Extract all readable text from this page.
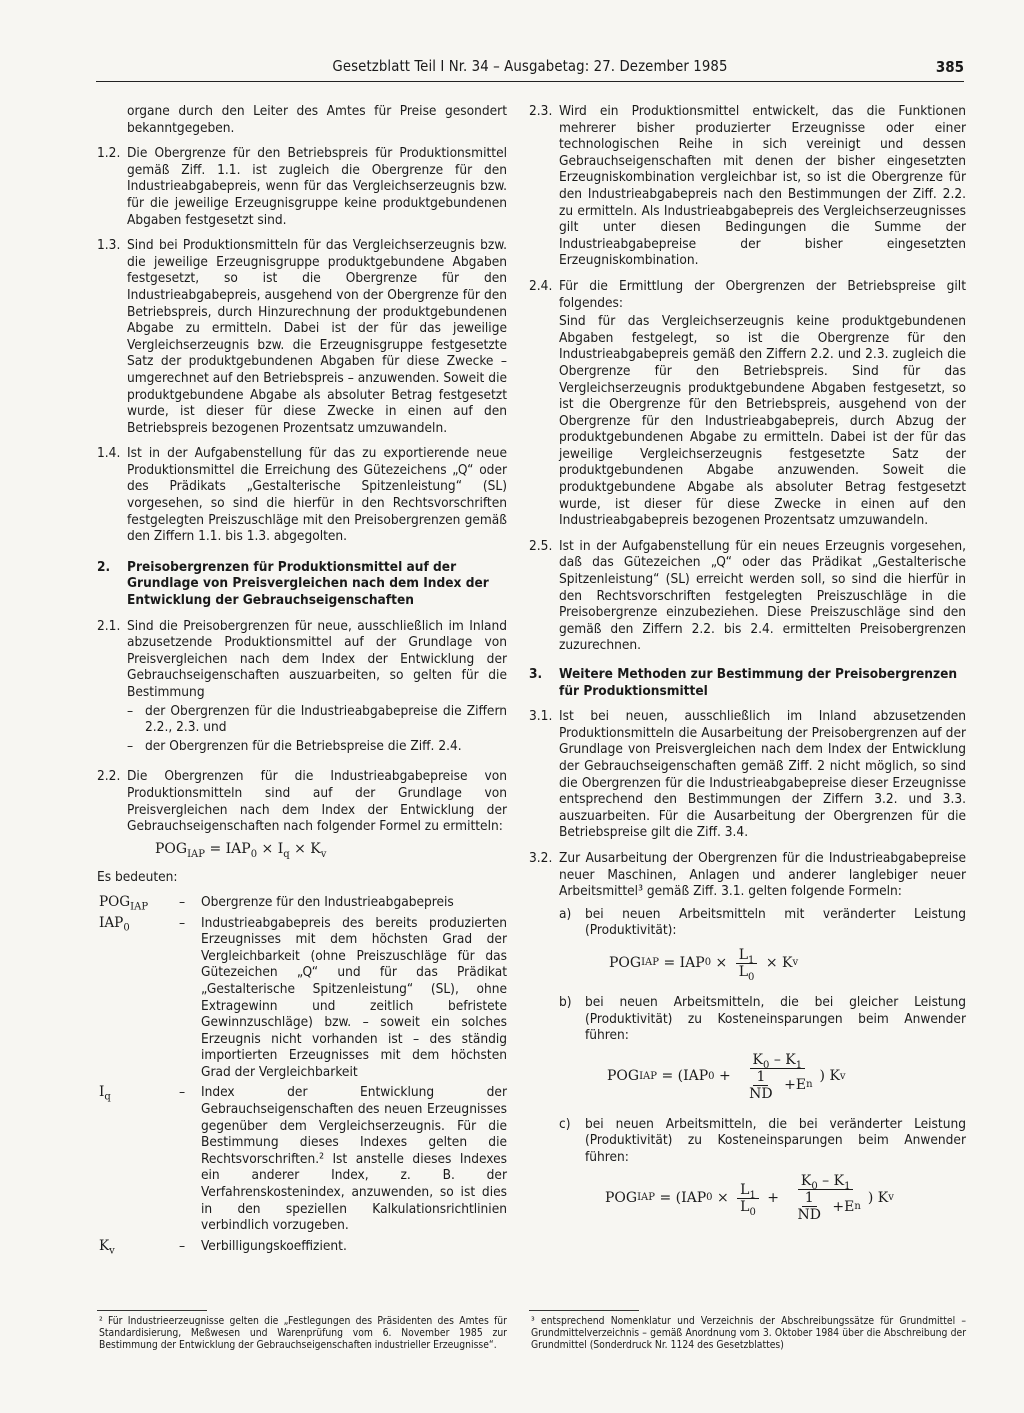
Gesetzblatt Teil I Nr. 34 – Ausgabetag: 27. Dezember 1985	385
organe durch den Leiter des Amtes für Preise gesondert bekanntgegeben.
1.2. Die Obergrenze für den Betriebspreis für Produktionsmittel gemäß Ziff. 1.1. ist zugleich die Obergrenze für den Industrieabgabepreis, wenn für das Vergleichserzeugnis bzw. für die jeweilige Erzeugnisgruppe keine produktgebundenen Abgaben festgesetzt sind.
1.3. Sind bei Produktionsmitteln für das Vergleichserzeugnis bzw. die jeweilige Erzeugnisgruppe produktgebundene Abgaben festgesetzt, so ist die Obergrenze für den Industrieabgabepreis, ausgehend von der Obergrenze für den Betriebspreis, durch Hinzurechnung der produktgebundenen Abgabe zu ermitteln. Dabei ist der für das jeweilige Vergleichserzeugnis bzw. die Erzeugnisgruppe festgesetzte Satz der produktgebundenen Abgaben für diese Zwecke – umgerechnet auf den Betriebspreis – anzuwenden. Soweit die produktgebundene Abgabe als absoluter Betrag festgesetzt wurde, ist dieser für diese Zwecke in einen auf den Betriebspreis bezogenen Prozentsatz umzuwandeln.
1.4. Ist in der Aufgabenstellung für das zu exportierende neue Produktionsmittel die Erreichung des Gütezeichens „Q“ oder des Prädikats „Gestalterische Spitzenleistung“ (SL) vorgesehen, so sind die hierfür in den Rechtsvorschriften festgelegten Preiszuschläge mit den Preisobergrenzen gemäß den Ziffern 1.1. bis 1.3. abgegolten.
2. Preisobergrenzen für Produktionsmittel auf der Grundlage von Preisvergleichen nach dem Index der Entwicklung der Gebrauchseigenschaften
2.1. Sind die Preisobergrenzen für neue, ausschließlich im Inland abzusetzende Produktionsmittel auf der Grundlage von Preisvergleichen nach dem Index der Entwicklung der Gebrauchseigenschaften auszuarbeiten, so gelten für die Bestimmung
– der Obergrenzen für die Industrieabgabepreise die Ziffern 2.2., 2.3. und
– der Obergrenzen für die Betriebspreise die Ziff. 2.4.
2.2. Die Obergrenzen für die Industrieabgabepreise von Produktionsmitteln sind auf der Grundlage von Preisvergleichen nach dem Index der Entwicklung der Gebrauchseigenschaften nach folgender Formel zu ermitteln:
$POG_{IAP} = IAP_0 \times I_q \times K_v$
Es bedeuten:
$POG_{IAP}$	–	Obergrenze für den Industrieabgabepreis
$IAP_0$	–	Industrieabgabepreis des bereits produzierten Erzeugnisses mit dem höchsten Grad der Vergleichbarkeit (ohne Preiszuschläge für das Gütezeichen „Q“ und für das Prädikat „Gestalterische Spitzenleistung“ (SL), ohne Extragewinn und zeitlich befristete Gewinnzuschläge) bzw. – soweit ein solches Erzeugnis nicht vorhanden ist – des ständig importierten Erzeugnisses mit dem höchsten Grad der Vergleichbarkeit
$I_q$	–	Index der Entwicklung der Gebrauchseigenschaften des neuen Erzeugnisses gegenüber dem Vergleichserzeugnis. Für die Bestimmung dieses Indexes gelten die Rechtsvorschriften.² Ist anstelle dieses Indexes ein anderer Index, z. B. der Verfahrenskostenindex, anzuwenden, so ist dies in den speziellen Kalkulationsrichtlinien verbindlich vorzugeben.
$K_v$	–	Verbilligungskoeffizient.
2.3. Wird ein Produktionsmittel entwickelt, das die Funktionen mehrerer bisher produzierter Erzeugnisse oder einer technologischen Reihe in sich vereinigt und dessen Gebrauchseigenschaften mit denen der bisher eingesetzten Erzeugniskombination vergleichbar ist, so ist die Obergrenze für den Industrieabgabepreis nach den Bestimmungen der Ziff. 2.2. zu ermitteln. Als Industrieabgabepreis des Vergleichserzeugnisses gilt unter diesen Bedingungen die Summe der Industrieabgabepreise der bisher eingesetzten Erzeugniskombination.
2.4. Für die Ermittlung der Obergrenzen der Betriebspreise gilt folgendes:
Sind für das Vergleichserzeugnis keine produktgebundenen Abgaben festgelegt, so ist die Obergrenze für den Industrieabgabepreis gemäß den Ziffern 2.2. und 2.3. zugleich die Obergrenze für den Betriebspreis. Sind für das Vergleichserzeugnis produktgebundene Abgaben festgesetzt, so ist die Obergrenze für den Betriebspreis, ausgehend von der Obergrenze für den Industrieabgabepreis, durch Abzug der produktgebundenen Abgabe zu ermitteln. Dabei ist der für das jeweilige Vergleichserzeugnis festgesetzte Satz der produktgebundenen Abgabe anzuwenden. Soweit die produktgebundene Abgabe als absoluter Betrag festgesetzt wurde, ist dieser für diese Zwecke in einen auf den Industrieabgabepreis bezogenen Prozentsatz umzuwandeln.
2.5. Ist in der Aufgabenstellung für ein neues Erzeugnis vorgesehen, daß das Gütezeichen „Q“ oder das Prädikat „Gestalterische Spitzenleistung“ (SL) erreicht werden soll, so sind die hierfür in den Rechtsvorschriften festgelegten Preiszuschläge in die Preisobergrenze einzubeziehen. Diese Preiszuschläge sind den gemäß den Ziffern 2.2. bis 2.4. ermittelten Preisobergrenzen zuzurechnen.
3. Weitere Methoden zur Bestimmung der Preisobergrenzen für Produktionsmittel
3.1. Ist bei neuen, ausschließlich im Inland abzusetzenden Produktionsmitteln die Ausarbeitung der Preisobergrenzen auf der Grundlage von Preisvergleichen nach dem Index der Entwicklung der Gebrauchseigenschaften gemäß Ziff. 2 nicht möglich, so sind die Obergrenzen für die Industrieabgabepreise dieser Erzeugnisse entsprechend den Bestimmungen der Ziffern 3.2. und 3.3. auszuarbeiten. Für die Ausarbeitung der Obergrenzen für die Betriebspreise gilt die Ziff. 3.4.
3.2. Zur Ausarbeitung der Obergrenzen für die Industrieabgabepreise neuer Maschinen, Anlagen und anderer langlebiger neuer Arbeitsmittel³ gemäß Ziff. 3.1. gelten folgende Formeln:
a) bei neuen Arbeitsmitteln mit veränderter Leistung (Produktivität):
POG IAP = IAP $0 \times \frac{L_1}{L_0} \times K$ v
b) bei neuen Arbeitsmitteln, die bei gleicher Leistung (Produktivität) zu Kosteneinsparungen beim Anwender führen:
POG IAP = ( IAP $0 + \frac{K_0 - K_1}{\frac{1}{ND} + E n}$ ) K v
c) bei neuen Arbeitsmitteln, die bei veränderter Leistung (Produktivität) zu Kosteneinsparungen beim Anwender führen:
POG IAP = ( IAP $0 \times \frac{L_1}{L_0} + \frac{K_0 - K_1}{\frac{1}{ND} + E n}$ ) K v
² Für Industrieerzeugnisse gelten die „Festlegungen des Präsidenten des Amtes für Standardisierung, Meßwesen und Warenprüfung vom 6. November 1985 zur Bestimmung der Entwicklung der Gebrauchseigenschaften industrieller Erzeugnisse“.
³ entsprechend Nomenklatur und Verzeichnis der Abschreibungssätze für Grundmittel – Grundmittelverzeichnis – gemäß Anordnung vom 3. Oktober 1984 über die Abschreibung der Grundmittel (Sonderdruck Nr. 1124 des Gesetzblattes)
